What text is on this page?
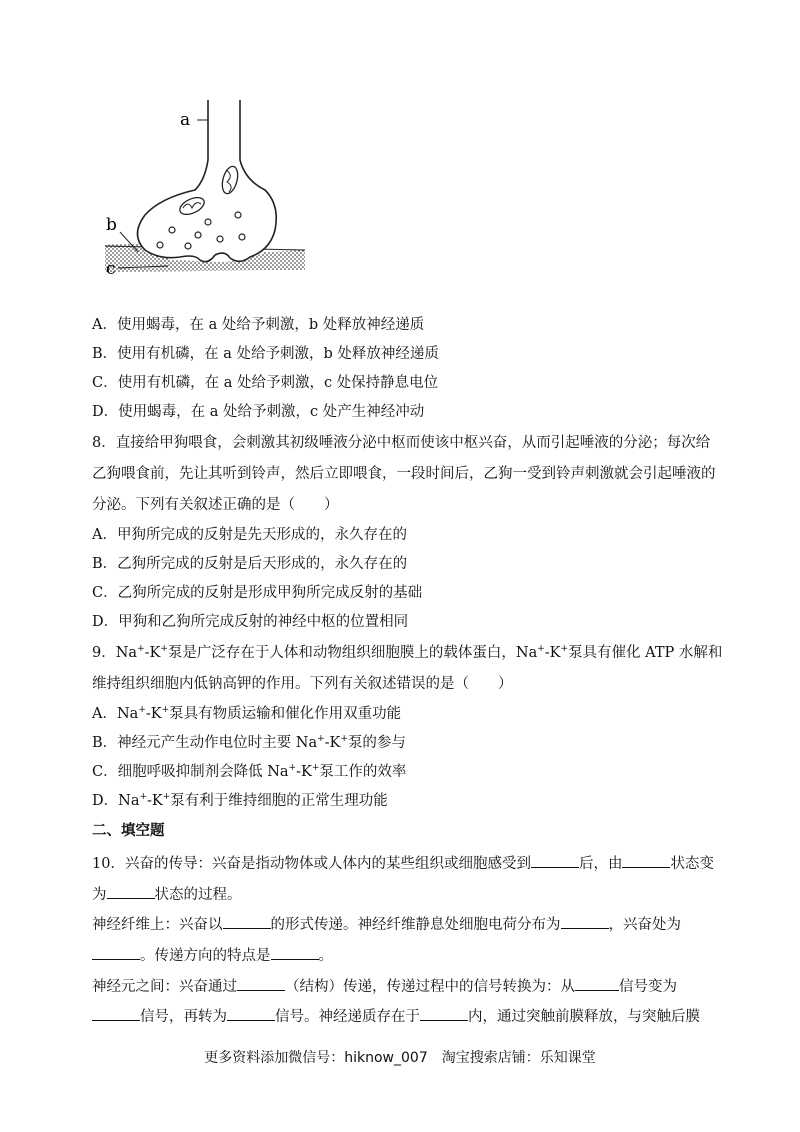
a
b
c
A．使用蝎毒，在 a 处给予刺激，b 处释放神经递质
B．使用有机磷，在 a 处给予刺激，b 处释放神经递质
C．使用有机磷，在 a 处给予刺激，c 处保持静息电位
D．使用蝎毒，在 a 处给予刺激，c 处产生神经冲动
8．直接给甲狗喂食，会刺激其初级唾液分泌中枢而使该中枢兴奋，从而引起唾液的分泌；每次给
乙狗喂食前，先让其听到铃声，然后立即喂食，一段时间后，乙狗一受到铃声刺激就会引起唾液的
分泌。下列有关叙述正确的是（　　）
A．甲狗所完成的反射是先天形成的，永久存在的
B．乙狗所完成的反射是后天形成的，永久存在的
C．乙狗所完成的反射是形成甲狗所完成反射的基础
D．甲狗和乙狗所完成反射的神经中枢的位置相同
9．Na+-K+泵是广泛存在于人体和动物组织细胞膜上的载体蛋白，Na+-K+泵具有催化 ATP 水解和
维持组织细胞内低钠高钾的作用。下列有关叙述错误的是（　　）
A．Na+-K+泵具有物质运输和催化作用双重功能
B．神经元产生动作电位时主要 Na+-K+泵的参与
C．细胞呼吸抑制剂会降低 Na+-K+泵工作的效率
D．Na+-K+泵有利于维持细胞的正常生理功能
二、填空题
10．兴奋的传导：兴奋是指动物体或人体内的某些组织或细胞感受到	后，由	状态变
为	状态的过程。
神经纤维上：兴奋以	的形式传递。神经纤维静息处细胞电荷分布为	，兴奋处为
。传递方向的特点是	。
神经元之间：兴奋通过	（结构）传递，传递过程中的信号转换为：从	信号变为
信号，再转为	信号。神经递质存在于	内，通过突触前膜释放，与突触后膜
更多资料添加微信号：hiknow_007　淘宝搜索店铺：乐知课堂
